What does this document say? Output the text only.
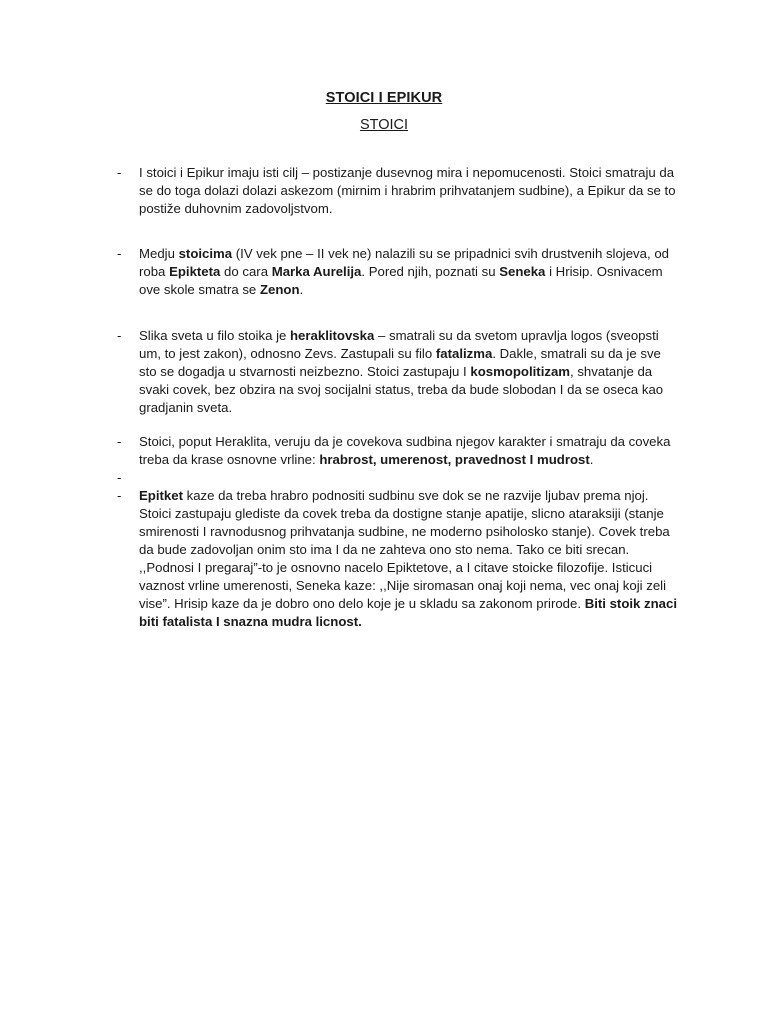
STOICI I EPIKUR
STOICI
-	I stoici i Epikur imaju isti cilj – postizanje dusevnog mira i nepomucenosti. Stoici smatraju da se do toga dolazi dolazi askezom (mirnim i hrabrim prihvatanjem sudbine), a Epikur da se to postiže duhovnim zadovoljstvom.
-	Medju stoicima (IV vek pne – II vek ne) nalazili su se pripadnici svih drustvenih slojeva, od roba Epikteta do cara Marka Aurelija. Pored njih, poznati su Seneka i Hrisip. Osnivacem ove skole smatra se Zenon.
-	Slika sveta u filo stoika je heraklitovska – smatrali su da svetom upravlja logos (sveopsti um, to jest zakon), odnosno Zevs. Zastupali su filo fatalizma. Dakle, smatrali su da je sve sto se dogadja u stvarnosti neizbezno. Stoici zastupaju I kosmopolitizam, shvatanje da svaki covek, bez obzira na svoj socijalni status, treba da bude slobodan I da se oseca kao gradjanin sveta.
-	Stoici, poput Heraklita, veruju da je covekova sudbina njegov karakter i smatraju da coveka treba da krase osnovne vrline: hrabrost, umerenost, pravednost I mudrost.
-
-	Epitket kaze da treba hrabro podnositi sudbinu sve dok se ne razvije ljubav prema njoj. Stoici zastupaju glediste da covek treba da dostigne stanje apatije, slicno ataraksiji (stanje smirenosti I ravnodusnog prihvatanja sudbine, ne moderno psiholosko stanje). Covek treba da bude zadovoljan onim sto ima I da ne zahteva ono sto nema. Tako ce biti srecan. ,,Podnosi I pregaraj”-to je osnovno nacelo Epiktetove, a I citave stoicke filozofije. Isticuci vaznost vrline umerenosti, Seneka kaze: ,,Nije siromasan onaj koji nema, vec onaj koji zeli vise”. Hrisip kaze da je dobro ono delo koje je u skladu sa zakonom prirode. Biti stoik znaci biti fatalista I snazna mudra licnost.
